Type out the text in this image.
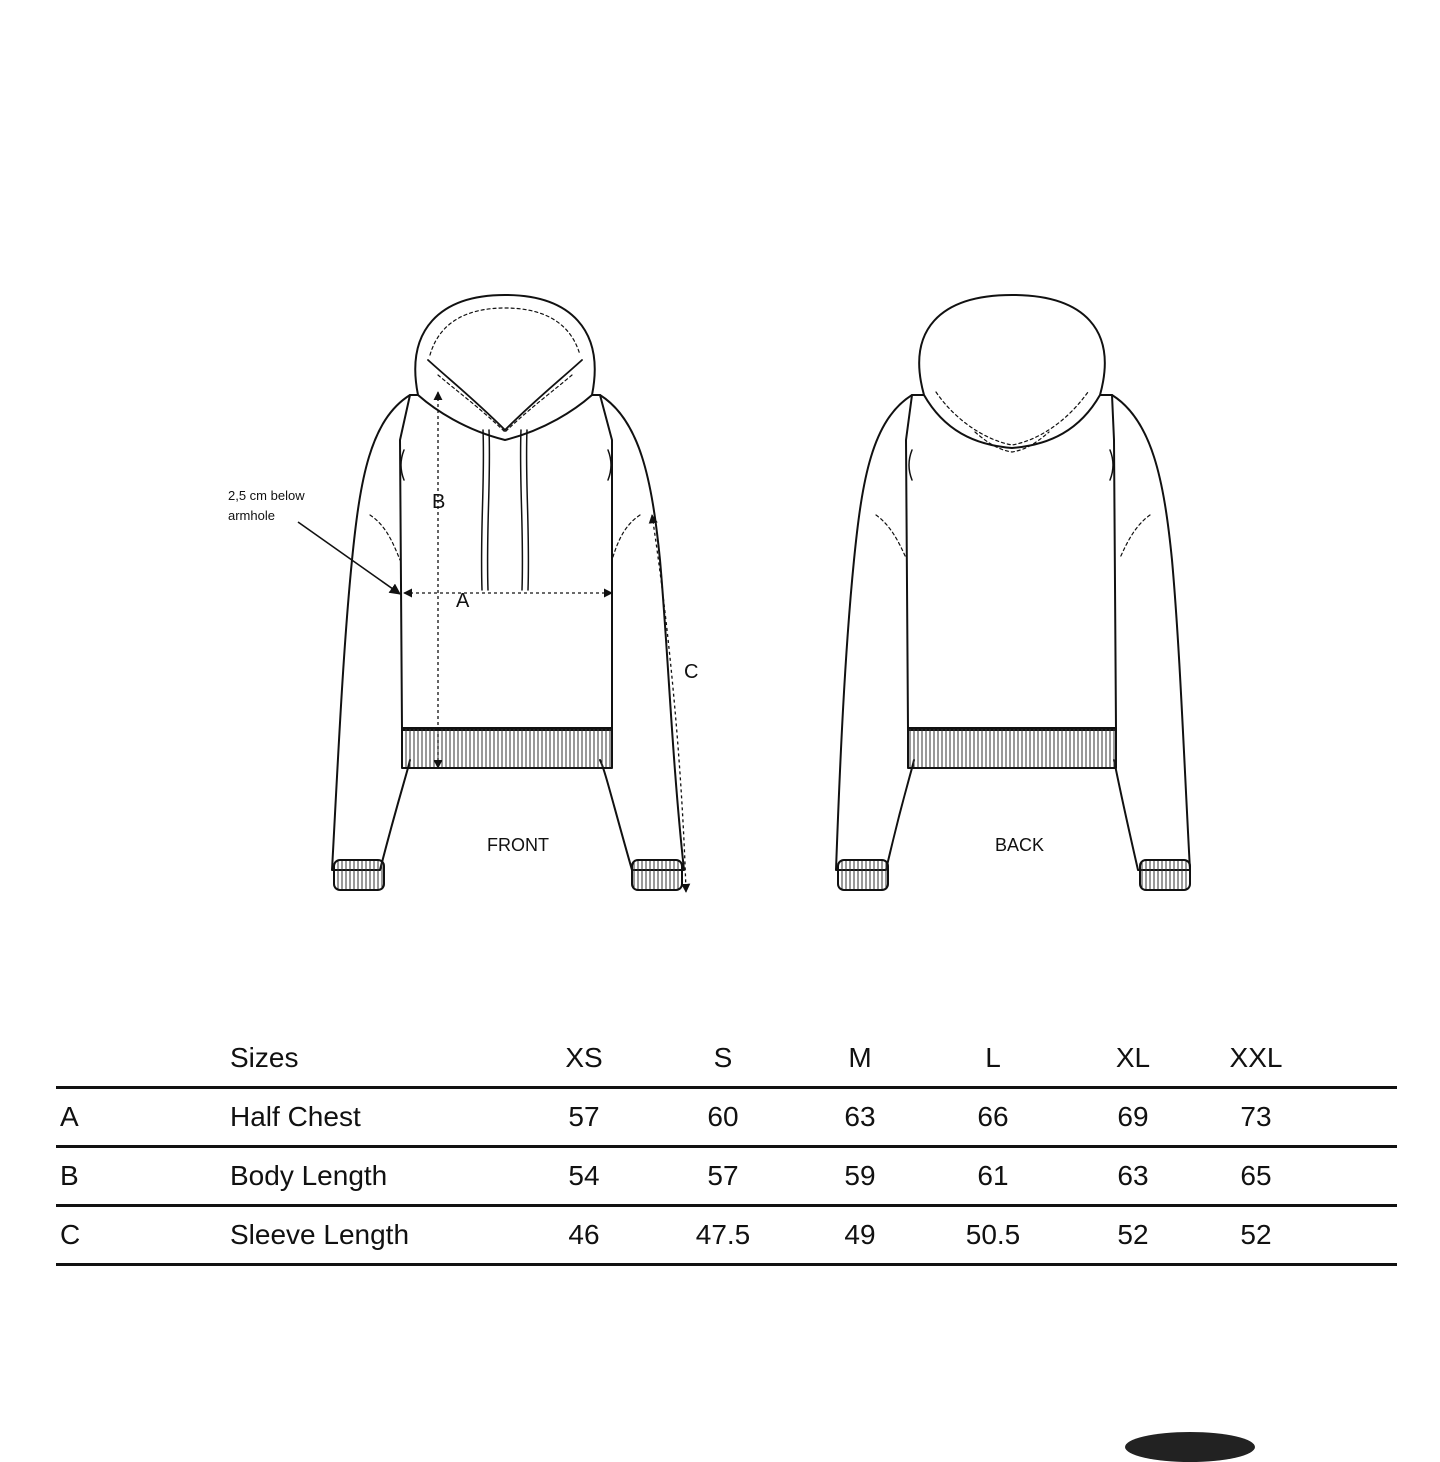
2,5 cm below
armhole
B
A
C
FRONT	BACK
	Sizes	XS	S	M	L	XL	XXL	
A	Half Chest	57	60	63	66	69	73	
B	Body Length	54	57	59	61	63	65	
C	Sleeve Length	46	47.5	49	50.5	52	52	
